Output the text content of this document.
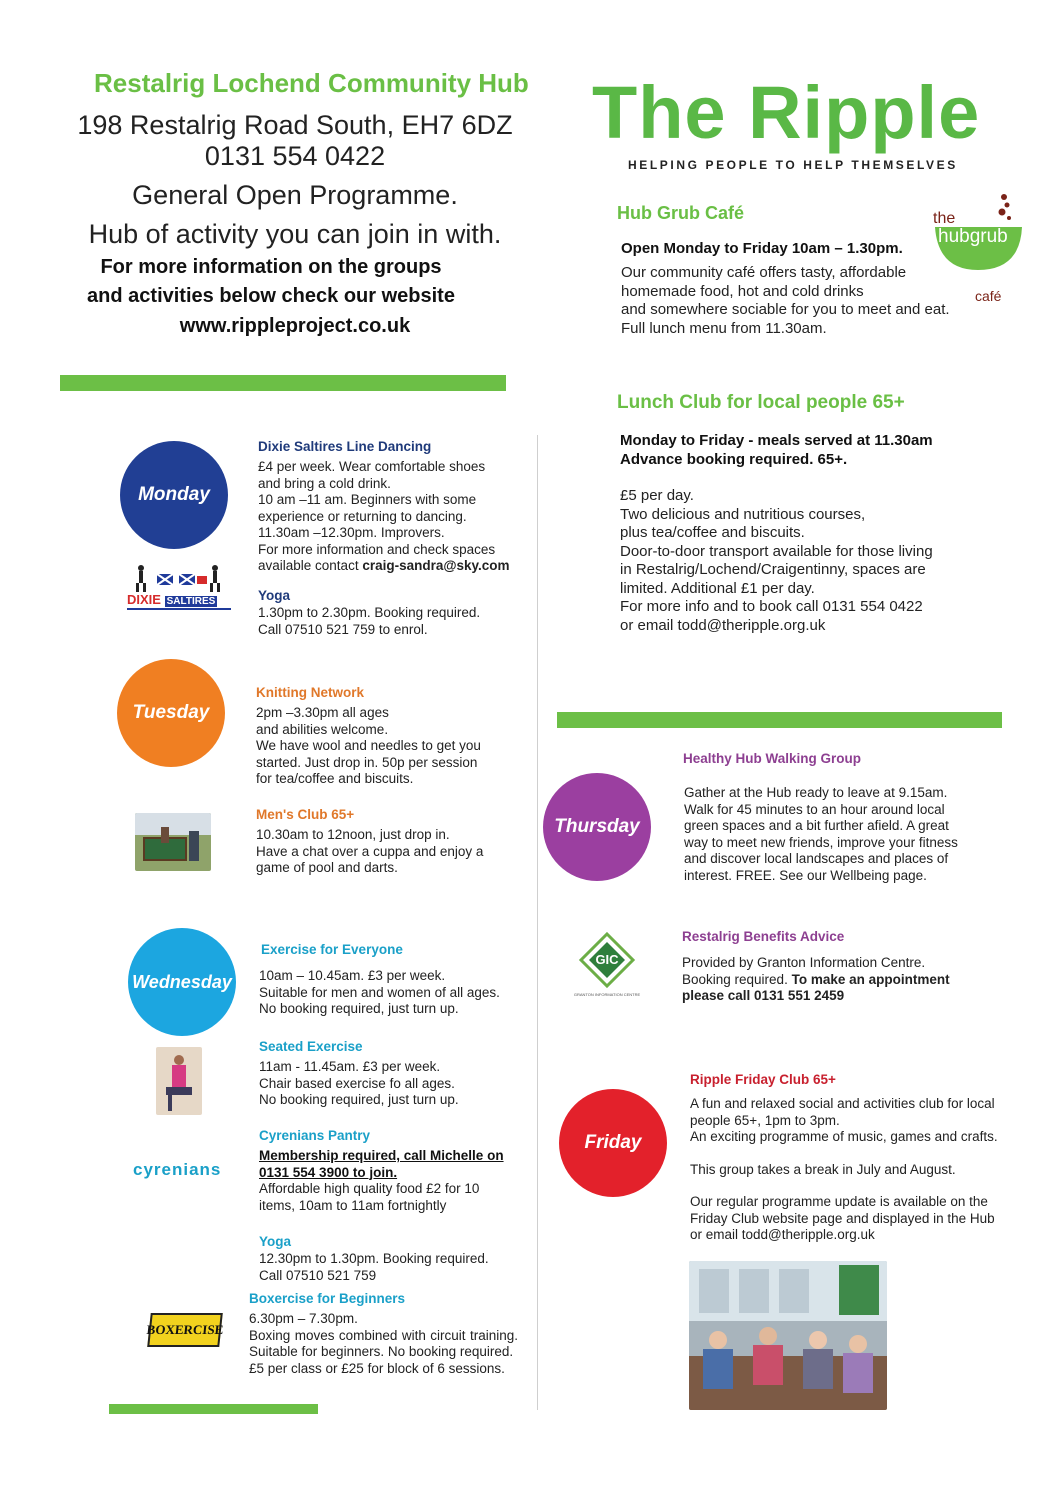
Restalrig Lochend Community Hub
198 Restalrig Road South, EH7 6DZ
0131 554 0422
General Open Programme.
Hub of activity you can join in with.
For more information on the groups
and activities below check our website
www.rippleproject.co.uk
The Ripple
HELPING PEOPLE TO HELP THEMSELVES
Hub Grub Café
Open Monday to Friday 10am – 1.30pm.
Our community café offers tasty, affordable
homemade food, hot and cold drinks
and somewhere sociable for you to meet and eat.
Full lunch menu from 11.30am.
the
hubgrub
café
Lunch Club for local people 65+
Monday to Friday - meals served at 11.30am
Advance booking required. 65+.
£5 per day.
Two delicious and nutritious courses,
plus tea/coffee and biscuits.
Door-to-door transport available for those living
in Restalrig/Lochend/Craigentinny, spaces are
limited. Additional £1 per day.
For more info and to book call 0131 554 0422
or email todd@theripple.org.uk
Monday
Dixie Saltires Line Dancing
£4 per week. Wear comfortable shoes
and bring a cold drink.
10 am –11 am. Beginners with some
experience or returning to dancing.
11.30am –12.30pm. Improvers.
For more information and check spaces
available contact craig-sandra@sky.com
DIXIE SALTIRES	Yoga
1.30pm to 2.30pm. Booking required.
Call 07510 521 759 to enrol.
Tuesday
Knitting Network
2pm –3.30pm all ages
and abilities welcome.
We have wool and needles to get you
started. Just drop in. 50p per session
for tea/coffee and biscuits.
Men's Club 65+
10.30am to 12noon, just drop in.
Have a chat over a cuppa and enjoy a
game of pool and darts.
Wednesday
Exercise for Everyone
10am – 10.45am. £3 per week.
Suitable for men and women of all ages.
No booking required, just turn up.
Seated Exercise
11am - 11.45am. £3 per week.
Chair based exercise fo all ages.
No booking required, just turn up.
cyrenians
Cyrenians Pantry
Membership required, call Michelle on
0131 554 3900 to join.
Affordable high quality food £2 for 10
items, 10am to 11am fortnightly
Yoga
12.30pm to 1.30pm. Booking required.
Call 07510 521 759
BOXERCISE
Boxercise for Beginners
6.30pm – 7.30pm.
Boxing moves combined with circuit training. Suitable for beginners. No booking required.
£5 per class or £25 for block of 6 sessions.
Thursday
Healthy Hub Walking Group
Gather at the Hub ready to leave at 9.15am.
Walk for 45 minutes to an hour around local
green spaces and a bit further afield. A great
way to meet new friends, improve your fitness
and discover local landscapes and places of
interest. FREE. See our Wellbeing page.
GIC
GRANTON INFORMATION CENTRE
Restalrig Benefits Advice
Provided by Granton Information Centre.
Booking required. To make an appointment
please call 0131 551 2459
Friday
Ripple Friday Club 65+
A fun and relaxed social and activities club for local
people 65+, 1pm to 3pm.
An exciting programme of music, games and crafts.
This group takes a break in July and August.
Our regular programme update is available on the
Friday Club website page and displayed in the Hub
or email todd@theripple.org.uk
